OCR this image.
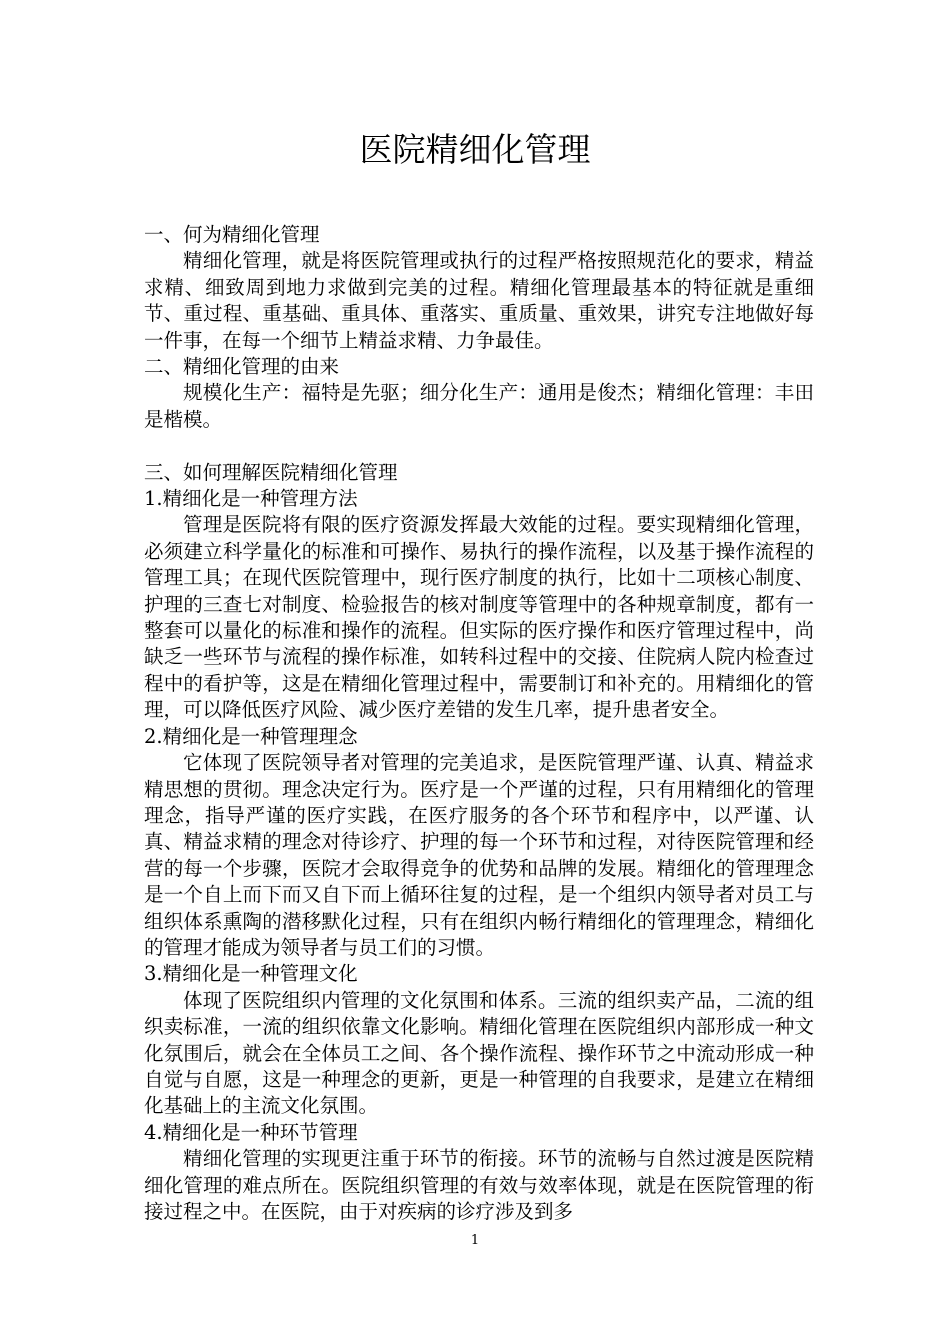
医院精细化管理

一、何为精细化管理

精细化管理，就是将医院管理或执行的过程严格按照规范化的要求，精益求精、细致周到地力求做到完美的过程。精细化管理最基本的特征就是重细节、重过程、重基础、重具体、重落实、重质量、重效果，讲究专注地做好每一件事，在每一个细节上精益求精、力争最佳。

二、精细化管理的由来

规模化生产：福特是先驱；细分化生产：通用是俊杰；精细化管理：丰田是楷模。

三、如何理解医院精细化管理

1.精细化是一种管理方法

管理是医院将有限的医疗资源发挥最大效能的过程。要实现精细化管理，必须建立科学量化的标准和可操作、易执行的操作流程，以及基于操作流程的管理工具；在现代医院管理中，现行医疗制度的执行，比如十二项核心制度、护理的三查七对制度、检验报告的核对制度等管理中的各种规章制度，都有一整套可以量化的标准和操作的流程。但实际的医疗操作和医疗管理过程中，尚缺乏一些环节与流程的操作标准，如转科过程中的交接、住院病人院内检查过程中的看护等，这是在精细化管理过程中，需要制订和补充的。用精细化的管理，可以降低医疗风险、减少医疗差错的发生几率，提升患者安全。

2.精细化是一种管理理念

它体现了医院领导者对管理的完美追求，是医院管理严谨、认真、精益求精思想的贯彻。理念决定行为。医疗是一个严谨的过程，只有用精细化的管理理念，指导严谨的医疗实践，在医疗服务的各个环节和程序中，以严谨、认真、精益求精的理念对待诊疗、护理的每一个环节和过程，对待医院管理和经营的每一个步骤，医院才会取得竞争的优势和品牌的发展。精细化的管理理念是一个自上而下而又自下而上循环往复的过程，是一个组织内领导者对员工与组织体系熏陶的潜移默化过程，只有在组织内畅行精细化的管理理念，精细化的管理才能成为领导者与员工们的习惯。

3.精细化是一种管理文化

体现了医院组织内管理的文化氛围和体系。三流的组织卖产品，二流的组织卖标准，一流的组织依靠文化影响。精细化管理在医院组织内部形成一种文化氛围后，就会在全体员工之间、各个操作流程、操作环节之中流动形成一种自觉与自愿，这是一种理念的更新，更是一种管理的自我要求，是建立在精细化基础上的主流文化氛围。

4.精细化是一种环节管理

精细化管理的实现更注重于环节的衔接。环节的流畅与自然过渡是医院精细化管理的难点所在。医院组织管理的有效与效率体现，就是在医院管理的衔接过程之中。在医院，由于对疾病的诊疗涉及到多

1
